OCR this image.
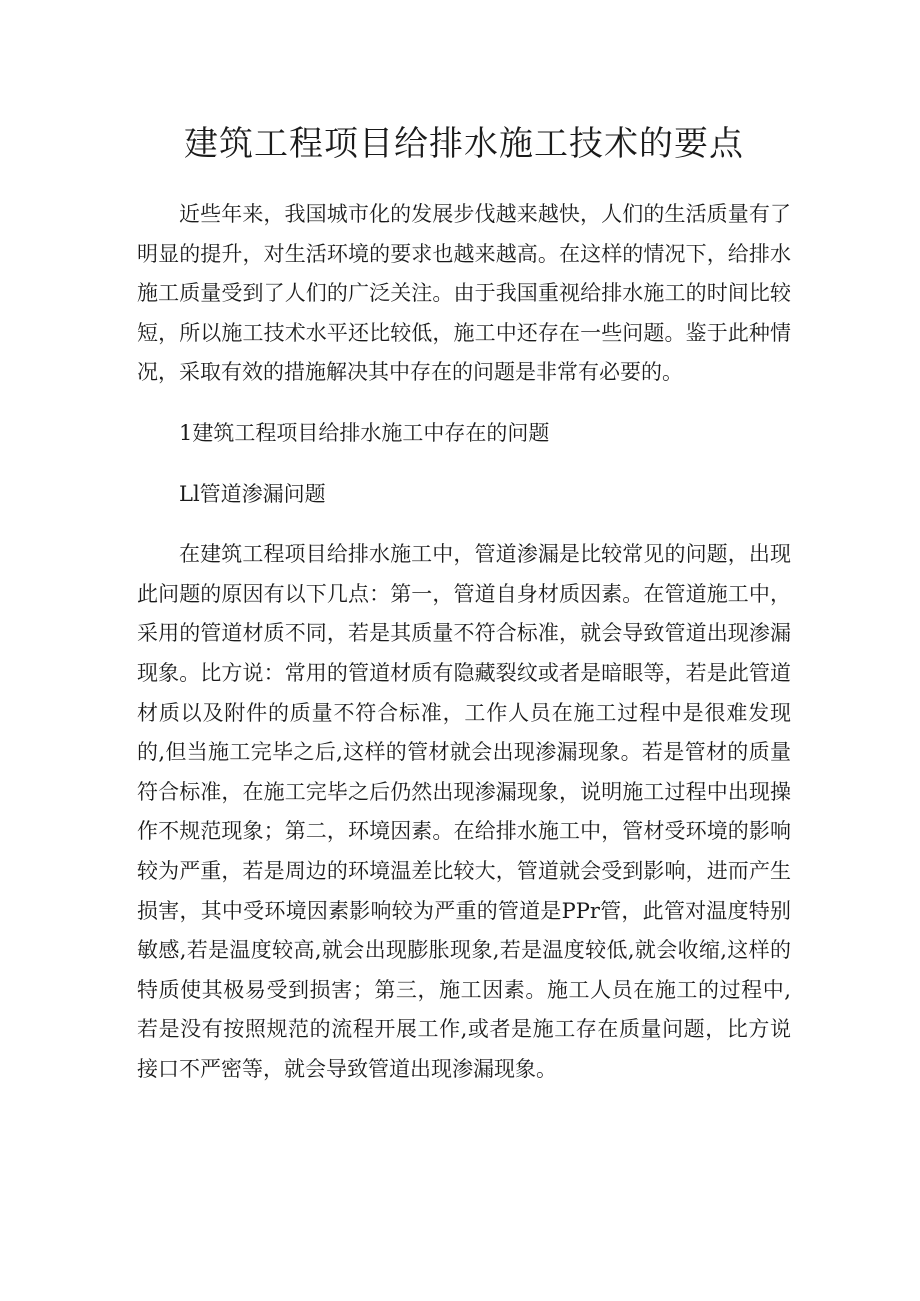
建筑工程项目给排水施工技术的要点

近些年来，我国城市化的发展步伐越来越快，人们的生活质量有了明显的提升，对生活环境的要求也越来越高。在这样的情况下，给排水施工质量受到了人们的广泛关注。由于我国重视给排水施工的时间比较短，所以施工技术水平还比较低，施工中还存在一些问题。鉴于此种情况，采取有效的措施解决其中存在的问题是非常有必要的。

1建筑工程项目给排水施工中存在的问题

Ll管道渗漏问题

在建筑工程项目给排水施工中，管道渗漏是比较常见的问题，出现此问题的原因有以下几点：第一，管道自身材质因素。在管道施工中，采用的管道材质不同，若是其质量不符合标准，就会导致管道出现渗漏现象。比方说：常用的管道材质有隐藏裂纹或者是暗眼等，若是此管道材质以及附件的质量不符合标准，工作人员在施工过程中是很难发现的,但当施工完毕之后,这样的管材就会出现渗漏现象。若是管材的质量符合标准，在施工完毕之后仍然出现渗漏现象，说明施工过程中出现操作不规范现象；第二，环境因素。在给排水施工中，管材受环境的影响较为严重，若是周边的环境温差比较大，管道就会受到影响，进而产生损害，其中受环境因素影响较为严重的管道是PPr管，此管对温度特别敏感,若是温度较高,就会出现膨胀现象,若是温度较低,就会收缩,这样的特质使其极易受到损害；第三，施工因素。施工人员在施工的过程中,若是没有按照规范的流程开展工作,或者是施工存在质量问题，比方说接口不严密等，就会导致管道出现渗漏现象。
